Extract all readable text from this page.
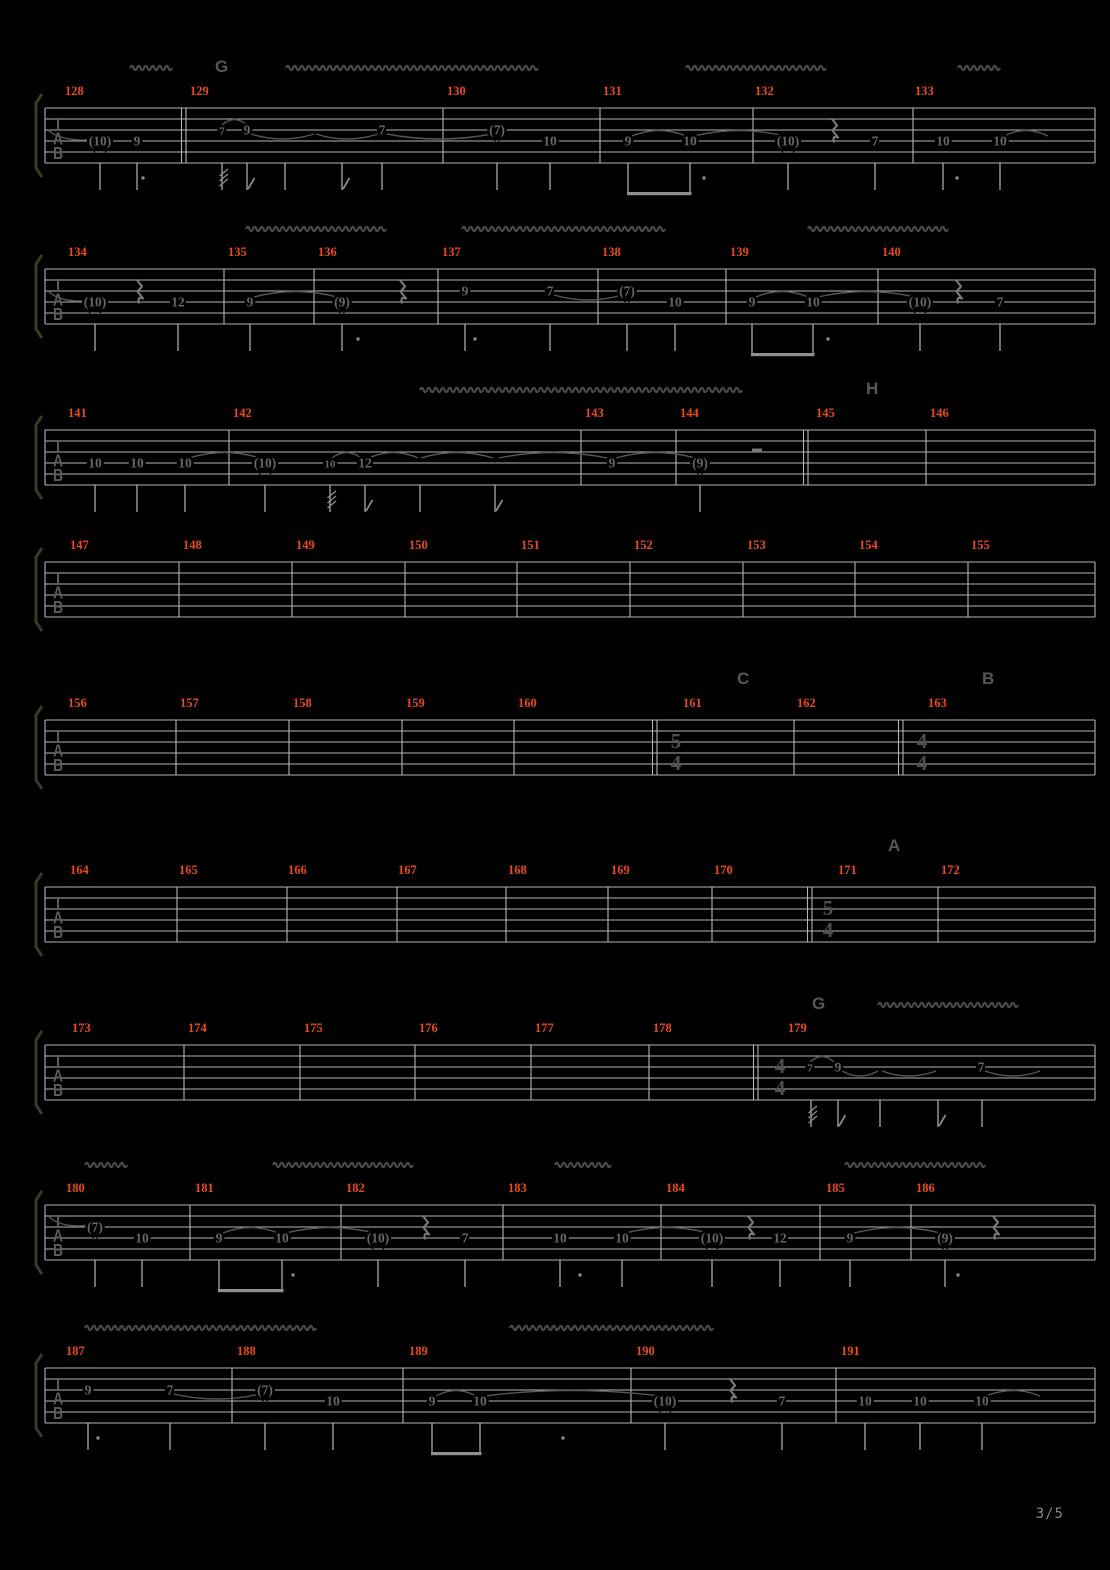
T
A
B
128	129	130	131	132	133
G
(10) 9
7 9	7	(7)
10	9	10	(10)	7	10	10
T
A
B
134	135	136	137	138	139	140
(10)	12	9	(9)
9	7	(7)
10	9	10	(10)	7
T
A
B
141	142	143	144	145	146
H
10 10	10	(10)	10 12	9	(9)
T
A
B
147	148	149	150	151	152	153	154	155
T
A
B
156	157	158	159	160	161	162	163
C	B
5
4
4
4
T
A
B
164	165	166	167	168	169	170	171	172
A
5
4
T
A
B
173	174	175	176	177	178	179
G
4
4
7 9	7
T
A
B
180	181	182	183	184	185	186
(7)
10	9	10	(10)	7	10	10	(10)	12	9	(9)
T
A
B
187	188	189	190	191
9	7	(7)
10	9	10	(10)	7	10	10	10
3/5
